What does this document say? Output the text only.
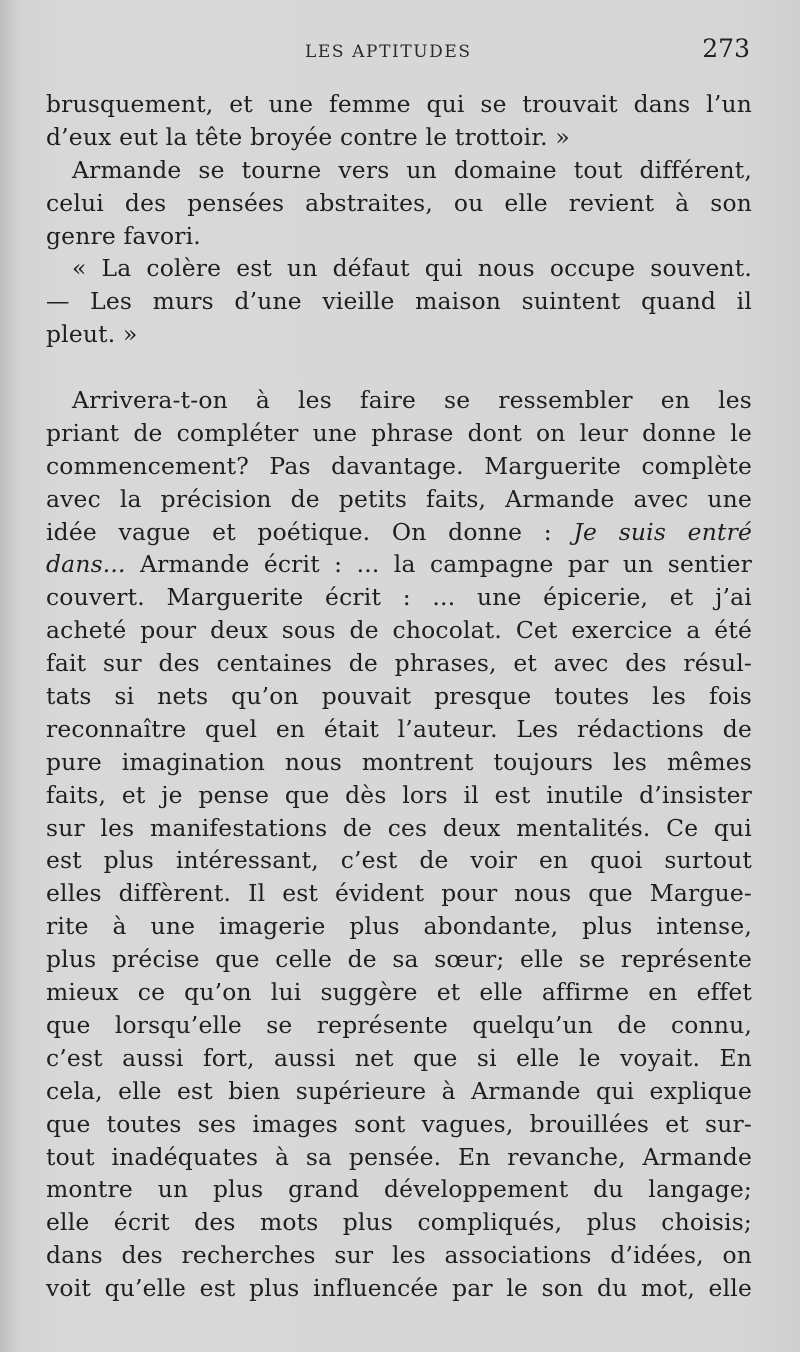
LES APTITUDES	273
brusquement, et une femme qui se trouvait dans l’un
d’eux eut la tête broyée contre le trottoir. »
Armande se tourne vers un domaine tout différent,
celui des pensées abstraites, ou elle revient à son
genre favori.
« La colère est un défaut qui nous occupe souvent.
— Les murs d’une vieille maison suintent quand il
pleut. »
Arrivera-t-on à les faire se ressembler en les
priant de compléter une phrase dont on leur donne le
commencement? Pas davantage. Marguerite complète
avec la précision de petits faits, Armande avec une
idée vague et poétique. On donne : Je suis entré
dans... Armande écrit : ... la campagne par un sentier
couvert. Marguerite écrit : ... une épicerie, et j’ai
acheté pour deux sous de chocolat. Cet exercice a été
fait sur des centaines de phrases, et avec des résul-
tats si nets qu’on pouvait presque toutes les fois
reconnaître quel en était l’auteur. Les rédactions de
pure imagination nous montrent toujours les mêmes
faits, et je pense que dès lors il est inutile d’insister
sur les manifestations de ces deux mentalités. Ce qui
est plus intéressant, c’est de voir en quoi surtout
elles diffèrent. Il est évident pour nous que Margue-
rite à une imagerie plus abondante, plus intense,
plus précise que celle de sa sœur; elle se représente
mieux ce qu’on lui suggère et elle affirme en effet
que lorsqu’elle se représente quelqu’un de connu,
c’est aussi fort, aussi net que si elle le voyait. En
cela, elle est bien supérieure à Armande qui explique
que toutes ses images sont vagues, brouillées et sur-
tout inadéquates à sa pensée. En revanche, Armande
montre un plus grand développement du langage;
elle écrit des mots plus compliqués, plus choisis;
dans des recherches sur les associations d’idées, on
voit qu’elle est plus influencée par le son du mot, elle
